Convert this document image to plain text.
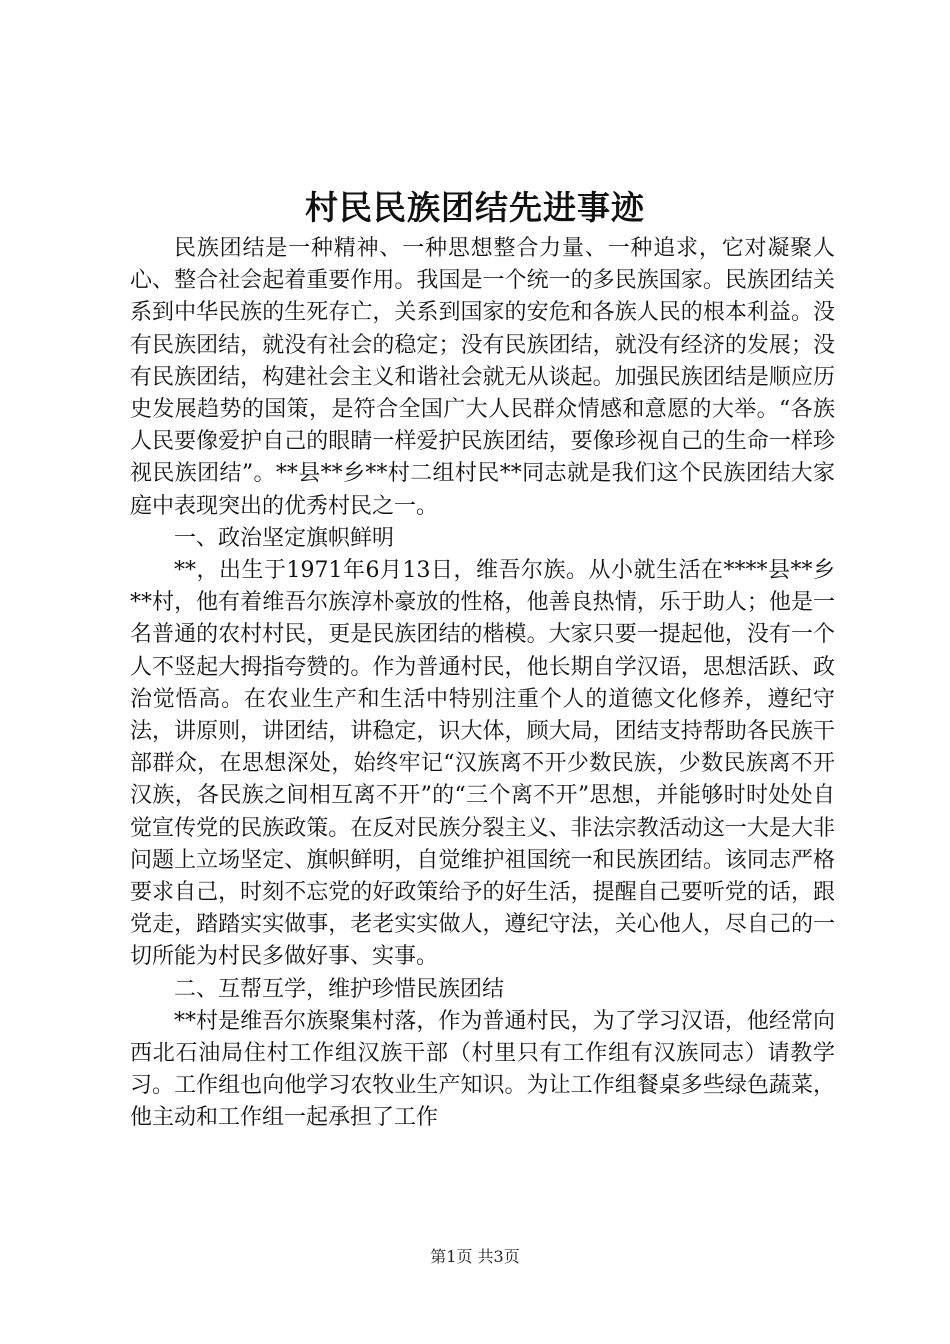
村民民族团结先进事迹

民族团结是一种精神、一种思想整合力量、一种追求，它对凝聚人心、整合社会起着重要作用。我国是一个统一的多民族国家。民族团结关系到中华民族的生死存亡，关系到国家的安危和各族人民的根本利益。没有民族团结，就没有社会的稳定；没有民族团结，就没有经济的发展；没有民族团结，构建社会主义和谐社会就无从谈起。加强民族团结是顺应历史发展趋势的国策，是符合全国广大人民群众情感和意愿的大举。“各族人民要像爱护自己的眼睛一样爱护民族团结，要像珍视自己的生命一样珍视民族团结”。**县**乡**村二组村民**同志就是我们这个民族团结大家庭中表现突出的优秀村民之一。

一、政治坚定旗帜鲜明

**，出生于1971年6月13日，维吾尔族。从小就生活在****县**乡**村，他有着维吾尔族淳朴豪放的性格，他善良热情，乐于助人；他是一名普通的农村村民，更是民族团结的楷模。大家只要一提起他，没有一个人不竖起大拇指夸赞的。作为普通村民，他长期自学汉语，思想活跃、政治觉悟高。在农业生产和生活中特别注重个人的道德文化修养，遵纪守法，讲原则，讲团结，讲稳定，识大体，顾大局，团结支持帮助各民族干部群众，在思想深处，始终牢记“汉族离不开少数民族，少数民族离不开汉族，各民族之间相互离不开”的“三个离不开”思想，并能够时时处处自觉宣传党的民族政策。在反对民族分裂主义、非法宗教活动这一大是大非问题上立场坚定、旗帜鲜明，自觉维护祖国统一和民族团结。该同志严格要求自己，时刻不忘党的好政策给予的好生活，提醒自己要听党的话，跟党走，踏踏实实做事，老老实实做人，遵纪守法，关心他人，尽自己的一切所能为村民多做好事、实事。

二、互帮互学，维护珍惜民族团结

**村是维吾尔族聚集村落，作为普通村民，为了学习汉语，他经常向西北石油局住村工作组汉族干部（村里只有工作组有汉族同志）请教学习。工作组也向他学习农牧业生产知识。为让工作组餐桌多些绿色蔬菜，他主动和工作组一起承担了工作

第1页 共3页
